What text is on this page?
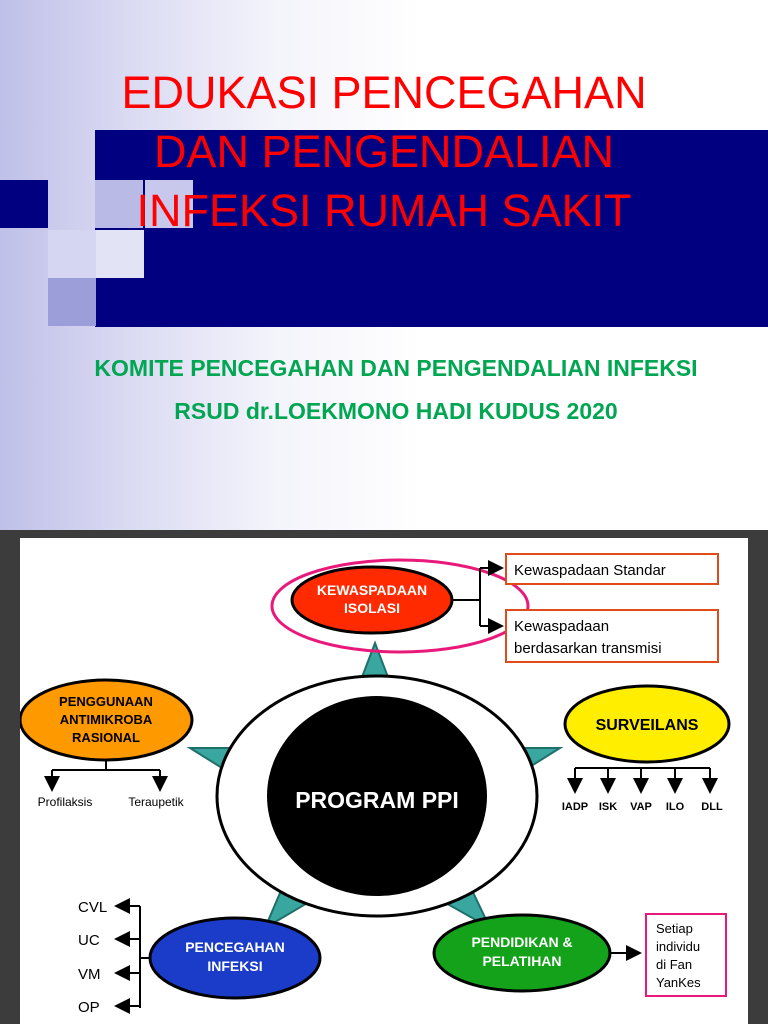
EDUKASI PENCEGAHAN
DAN PENGENDALIAN
INFEKSI RUMAH SAKIT
KOMITE PENCEGAHAN DAN PENGENDALIAN INFEKSI
RSUD dr.LOEKMONO HADI KUDUS 2020
PROGRAM PPI
KEWASPADAAN
ISOLASI
Kewaspadaan Standar
Kewaspadaan
berdasarkan transmisi
PENGGUNAAN
ANTIMIKROBA
RASIONAL
Profilaksis	Teraupetik
SURVEILANS
IADP ISK VAP ILO DLL
PENCEGAHAN
INFEKSI
CVL
UC
VM
OP
PENDIDIKAN &
PELATIHAN
Setiap
individu
di Fan
YanKes
